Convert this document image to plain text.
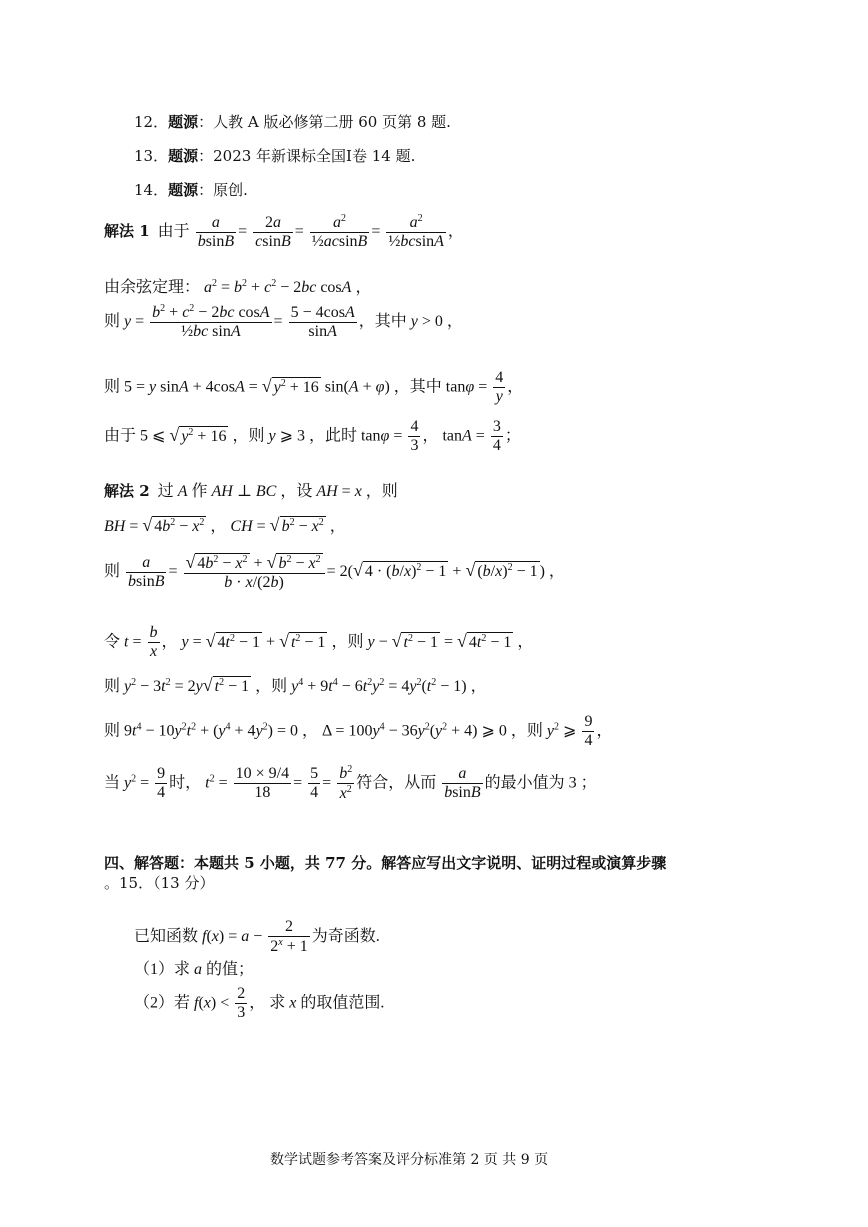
12．题源：人教 A 版必修第二册 60 页第 8 题.
13．题源：2023 年新课标全国Ⅰ卷 14 题.
14．题源：原创.
解法 1  由于 $\frac{a}{bsinB} = \frac{2a}{csinB} = \frac{a^2}{\text{½acsinB}} = \frac{a^2}{\text{½bcsinA}}$ ，
由余弦定理： $a^2 = b^2 + c^2 - 2bc$ cosA ，
则 $y = \frac{b^2 + c^2 - 2bc \cos A}{\text{½bc sinA}} = \frac{5 - 4\cos A}{\sin A}$ ，其中 y > 0 ，
则 5 = y sinA + 4cosA = √ $y^2 + 16$ sin(A + φ) ，其中 $\tan\varphi = \frac{4}{y}$ ，
由于 5 ⩽ √ $y^2 + 16$ ，则 y ⩾ 3 ，此时 $\tan\varphi = \frac{4}{3}$ ， $\tan A = \frac{3}{4}$ ；
解法 2  过 A 作 AH ⊥ BC ，设 AH = x ，则
BH = √ $4b^2 - x^2$ ， CH = √ $b^2 - x^2$ ，
则 $\frac{a}{bsinB} = \frac{√ 4b^2 - x^2 + √ b^2 - x^2}{b \cdot x/(2b)} = 2(√$ $4 \cdot (b/x)^2 - 1$ + √ $(b/x)^2 - 1$ ) ，
令 $t = \frac{b}{x}$ ， y = √ $4t^2 - 1$ + √ $t^2 - 1$ ，则 y − √ $t^2 - 1$ = √ $4t^2 - 1$ ，
则 $y^2 - 3t^2 = 2y√$ $t^2 - 1$ ，则 $y^4 + 9t^4 - 6t^2y^2 = 4y^2(t^2 - 1)$ ，
则 $9t^4 - 10y^2t^2 + (y^4 + 4y^2) = 0$ ， $\Delta = 100y^4 - 36y^2(y^2 + 4)$ ⩾ 0 ，则 $y^2$ ⩾ $\frac{9}{4}$ ，
当 $y^2 = \frac{9}{4}$ 时， $t^2 = \frac{10 \times 9/4}{18} = \frac{5}{4} = \frac{b^2}{x^2}$ 符合，从而 $\frac{a}{bsinB}$ 的最小值为 3 ；
四、解答题：本题共 5 小题，共 77 分。解答应写出文字说明、证明过程或演算步骤
。15．（13 分）
已知函数 $f(x) = a - \frac{2}{2^x + 1}$ 为奇函数.
（1）求 a 的值；
（2）若 $f(x) < \frac{2}{3}$ ， 求 x 的取值范围.
数学试题参考答案及评分标准第 2 页 共 9 页
